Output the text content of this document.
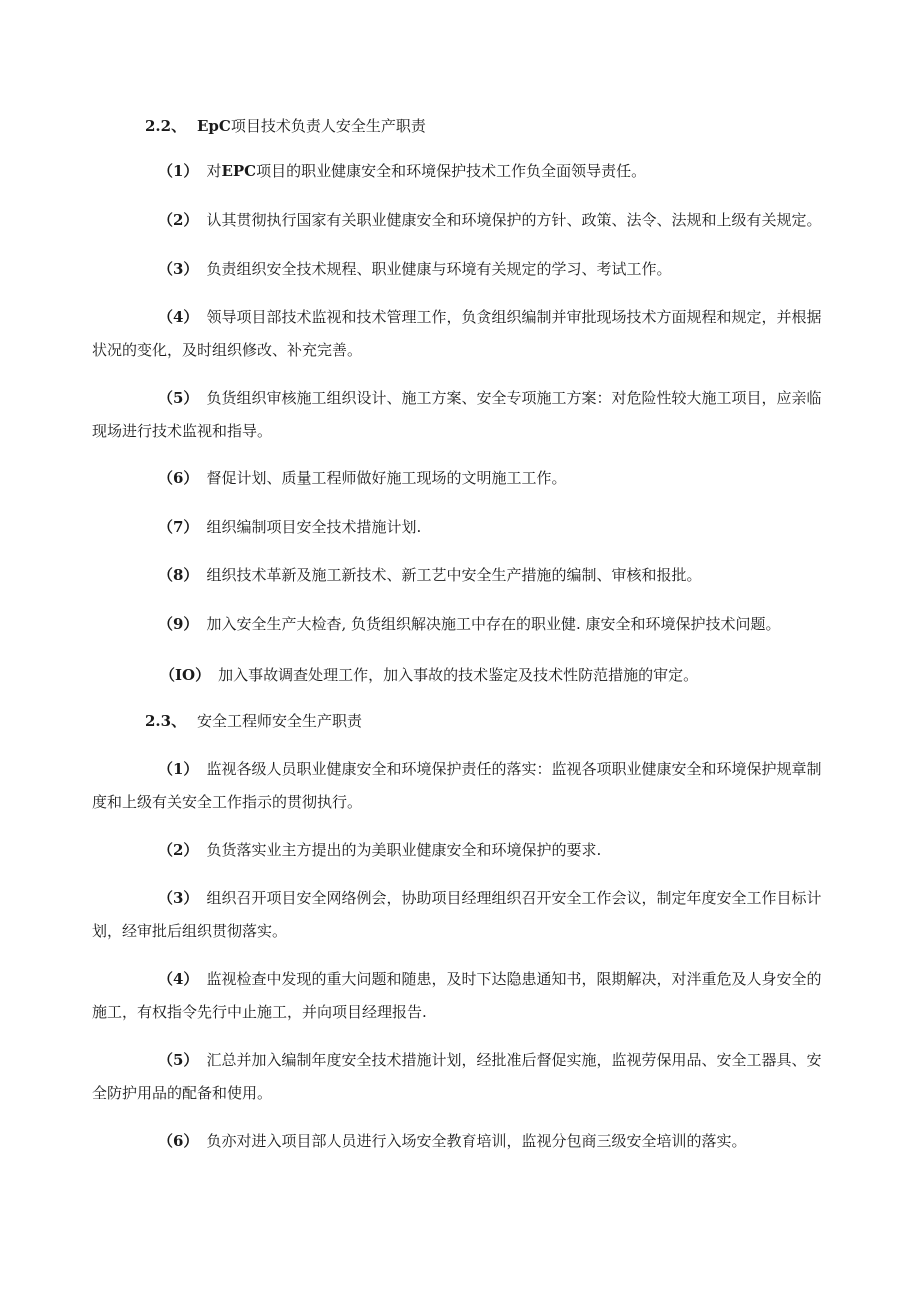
2.2、 EpC项目技术负责人安全生产职责
（1） 对EPC项目的职业健康安全和环境保护技术工作负全面领导责任。
（2） 认其贯彻执行国家有关职业健康安全和环境保护的方针、政策、法令、法规和上级有关规定。
（3） 负责组织安全技术规程、职业健康与环境有关规定的学习、考试工作。
（4） 领导项目部技术监视和技术管理工作，负贪组织编制并审批现场技术方面规程和规定，并根据
状况的变化，及时组织修改、补充完善。
（5） 负货组织审核施工组织设计、施工方案、安全专项施工方案：对危险性较大施工项目，应亲临
现场进行技术监视和指导。
（6） 督促计划、质量工程师做好施工现场的文明施工工作。
（7） 组织编制项目安全技术措施计划.
（8） 组织技术革新及施工新技术、新工艺中安全生产措施的编制、审核和报批。
（9） 加入安全生产大检杳, 负货组织解决施工中存在的职业健. 康安全和环境保护技术问题。
（IO） 加入事故调查处理工作，加入事故的技术鉴定及技术性防范措施的审定。
2.3、 安全工程师安全生产职责
（1） 监视各级人员职业健康安全和环境保护责任的落实：监视各项职业健康安全和环境保护规章制
度和上级有关安全工作指示的贯彻执行。
（2） 负货落实业主方提出的为美职业健康安全和环境保护的要求.
（3） 组织召开项目安全网络例会，协助项目经理组织召开安全工作会议，制定年度安全工作目标计
划，经审批后组织贯彻落实。
（4） 监视检查中发现的重大问题和随患，及时下达隐患通知书，限期解决，对泮重危及人身安全的
施工，有权指令先行中止施工，并向项目经理报告.
（5） 汇总并加入编制年度安全技术措施计划，经批准后督促实施，监视劳保用品、安全工器具、安
全防护用品的配备和使用。
（6） 负亦对进入项目部人员进行入场安全教育培训，监视分包商三级安全培训的落实。
